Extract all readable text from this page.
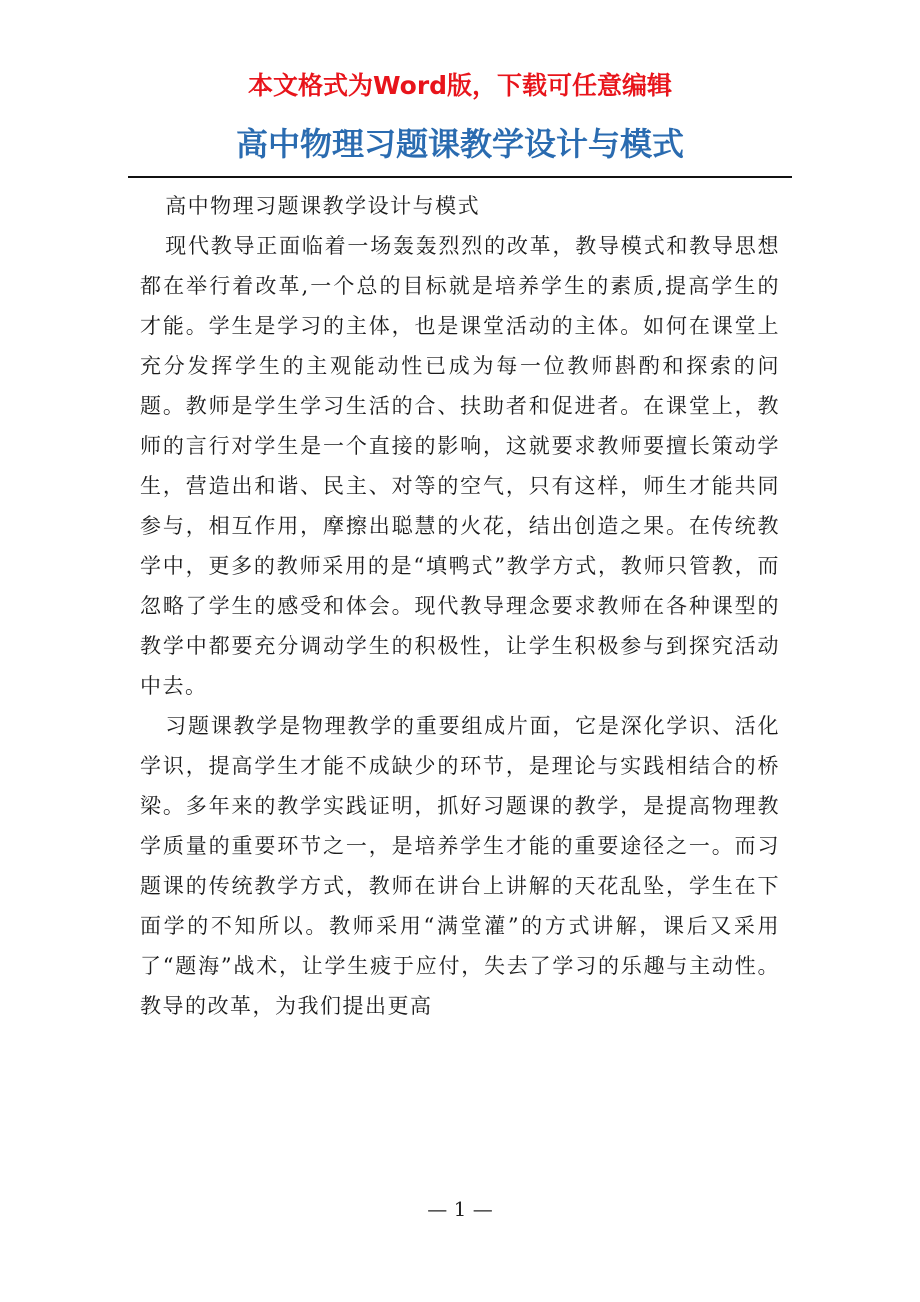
本文格式为Word版，下载可任意编辑
高中物理习题课教学设计与模式

高中物理习题课教学设计与模式

现代教导正面临着一场轰轰烈烈的改革，教导模式和教导思想都在举行着改革,一个总的目标就是培养学生的素质,提高学生的才能。学生是学习的主体，也是课堂活动的主体。如何在课堂上充分发挥学生的主观能动性已成为每一位教师斟酌和探索的问题。教师是学生学习生活的合、扶助者和促进者。在课堂上，教师的言行对学生是一个直接的影响，这就要求教师要擅长策动学生，营造出和谐、民主、对等的空气，只有这样，师生才能共同参与，相互作用，摩擦出聪慧的火花，结出创造之果。在传统教学中，更多的教师采用的是“填鸭式”教学方式，教师只管教，而忽略了学生的感受和体会。现代教导理念要求教师在各种课型的教学中都要充分调动学生的积极性，让学生积极参与到探究活动中去。

习题课教学是物理教学的重要组成片面，它是深化学识、活化学识，提高学生才能不成缺少的环节，是理论与实践相结合的桥梁。多年来的教学实践证明，抓好习题课的教学，是提高物理教学质量的重要环节之一，是培养学生才能的重要途径之一。而习题课的传统教学方式，教师在讲台上讲解的天花乱坠，学生在下面学的不知所以。教师采用“满堂灌”的方式讲解，课后又采用了“题海”战术，让学生疲于应付，失去了学习的乐趣与主动性。教导的改革，为我们提出更高

— 1 —
